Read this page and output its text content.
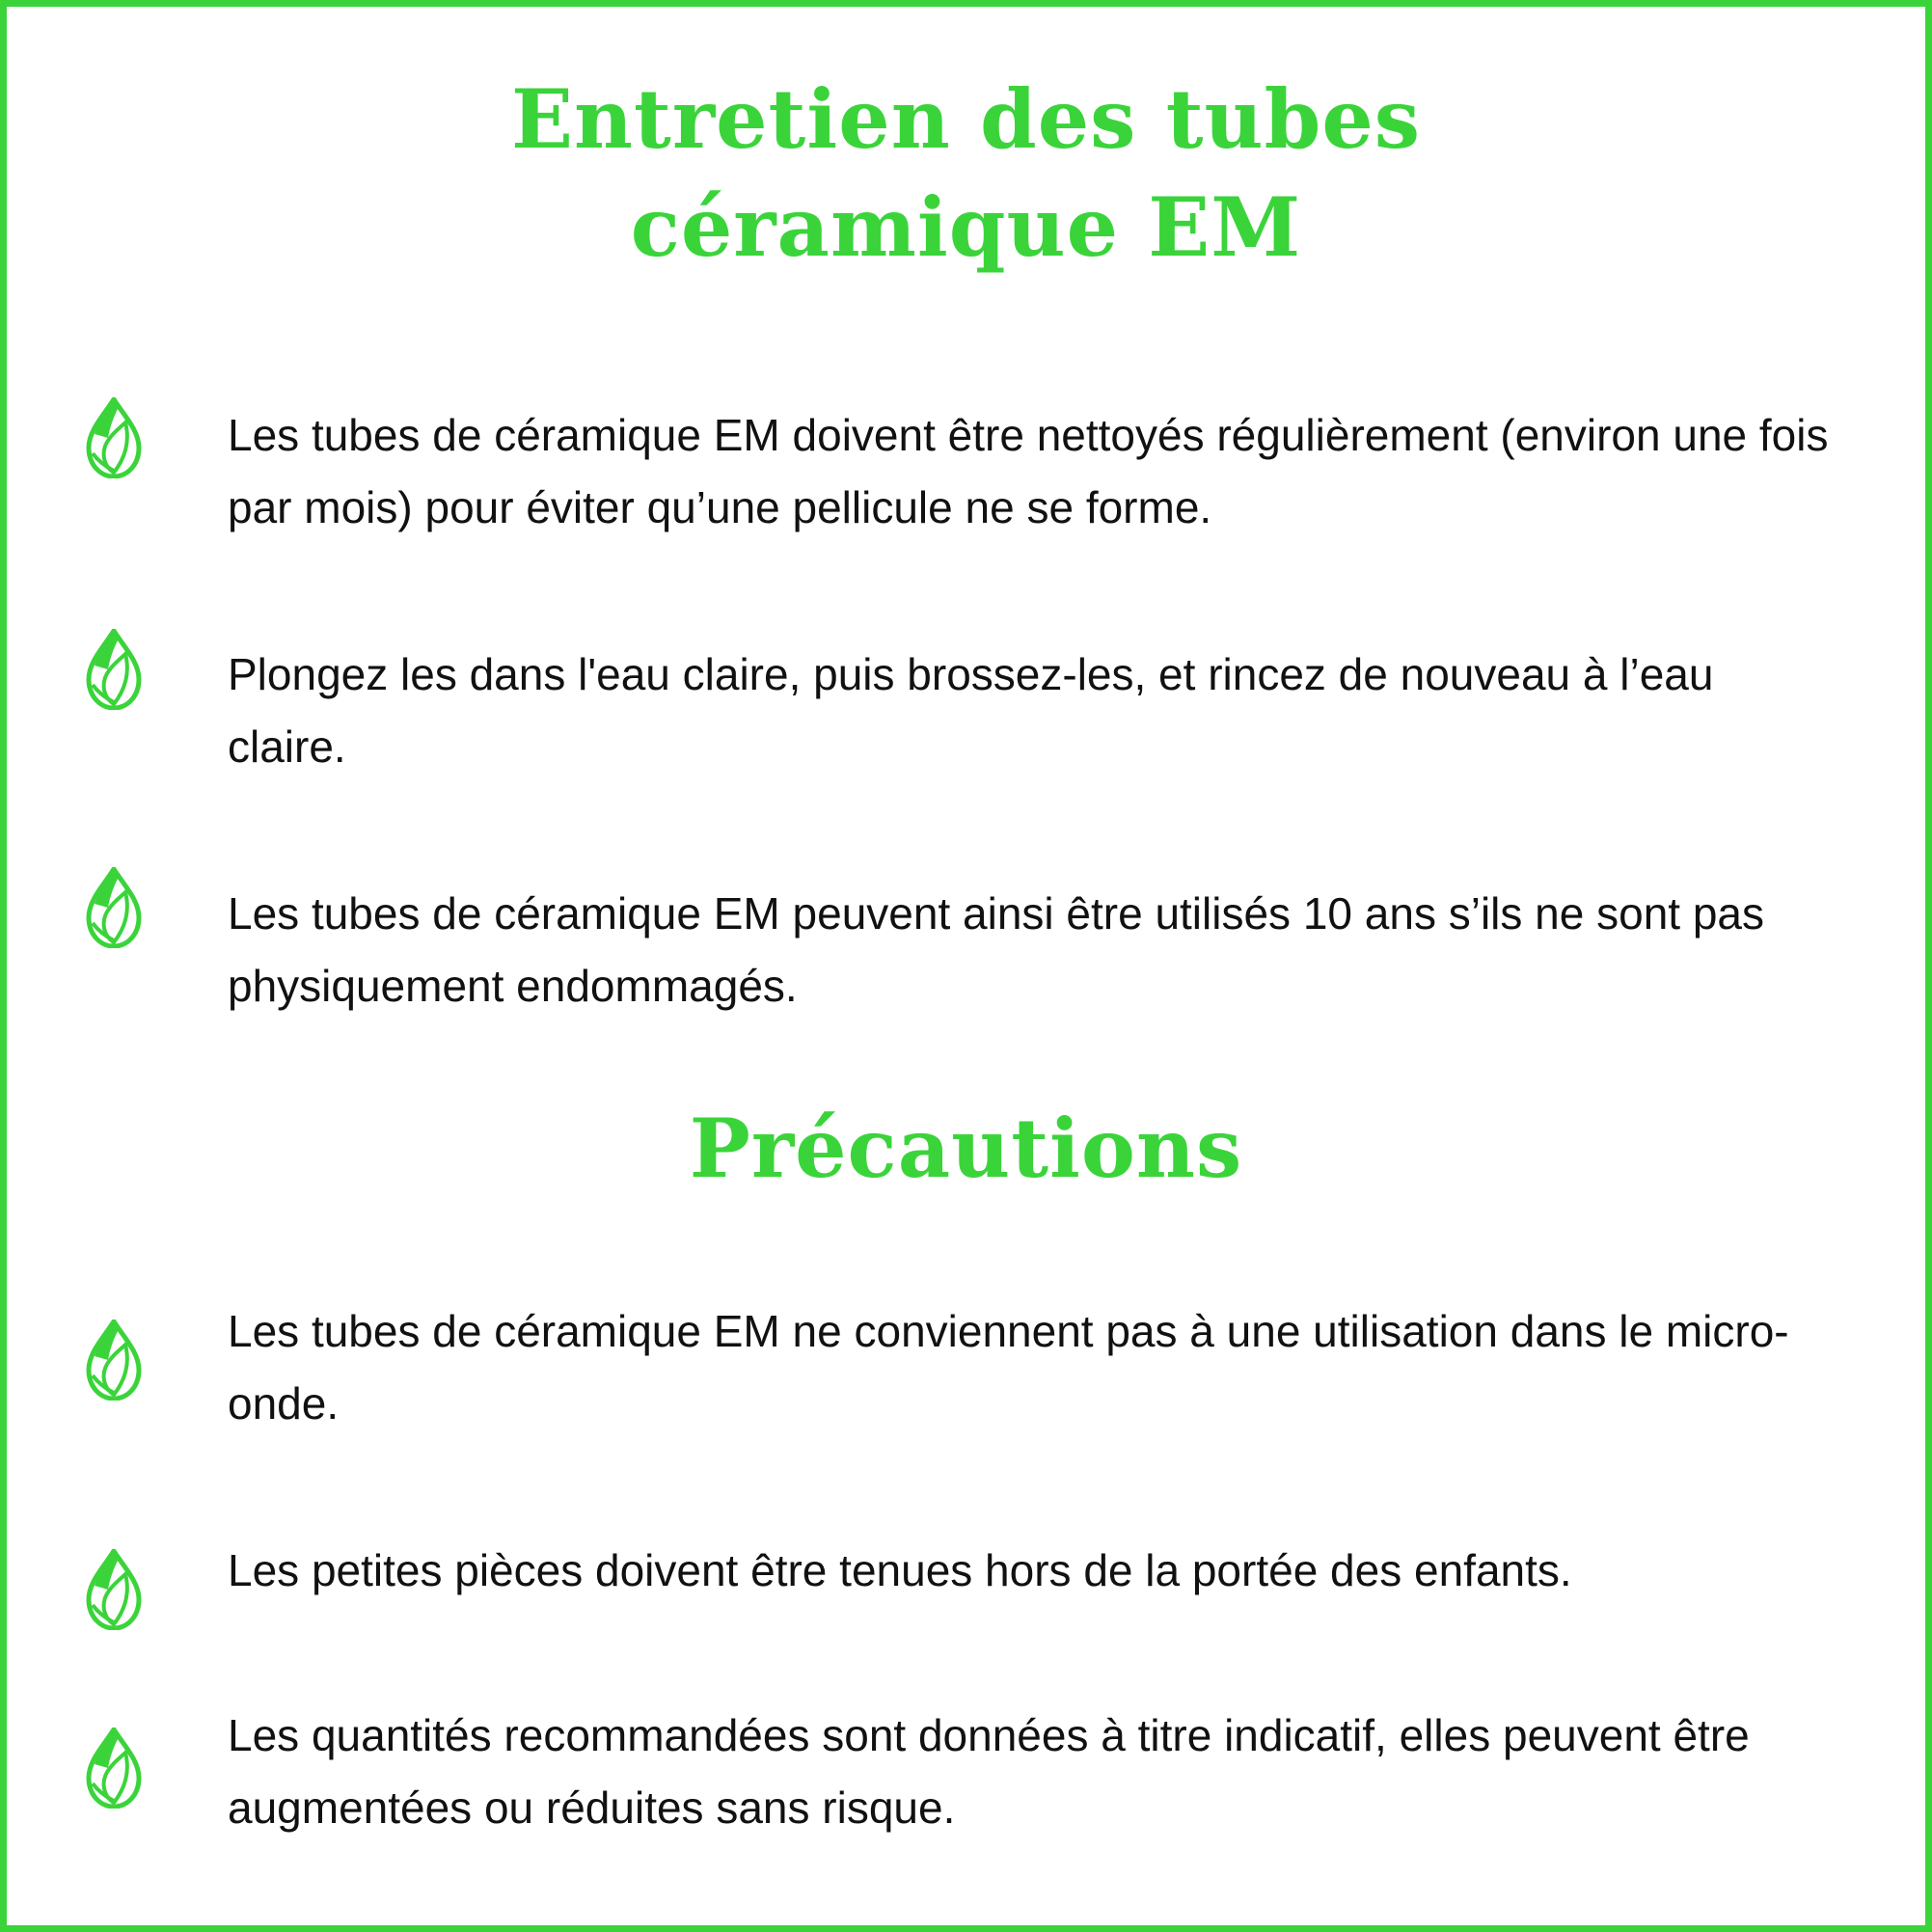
Entretien des tubes
céramique EM
Les tubes de céramique EM doivent être nettoyés régulièrement (environ une fois par mois) pour éviter qu’une pellicule ne se forme.
Plongez les dans l'eau claire, puis brossez-les, et rincez de nouveau à l’eau claire.
Les tubes de céramique EM peuvent ainsi être utilisés 10 ans s’ils ne sont pas physiquement endommagés.
Précautions
Les tubes de céramique EM ne conviennent pas à une utilisation dans le micro-onde.
Les petites pièces doivent être tenues hors de la portée des enfants.
Les quantités recommandées sont données à titre indicatif, elles peuvent être augmentées ou réduites sans risque.
